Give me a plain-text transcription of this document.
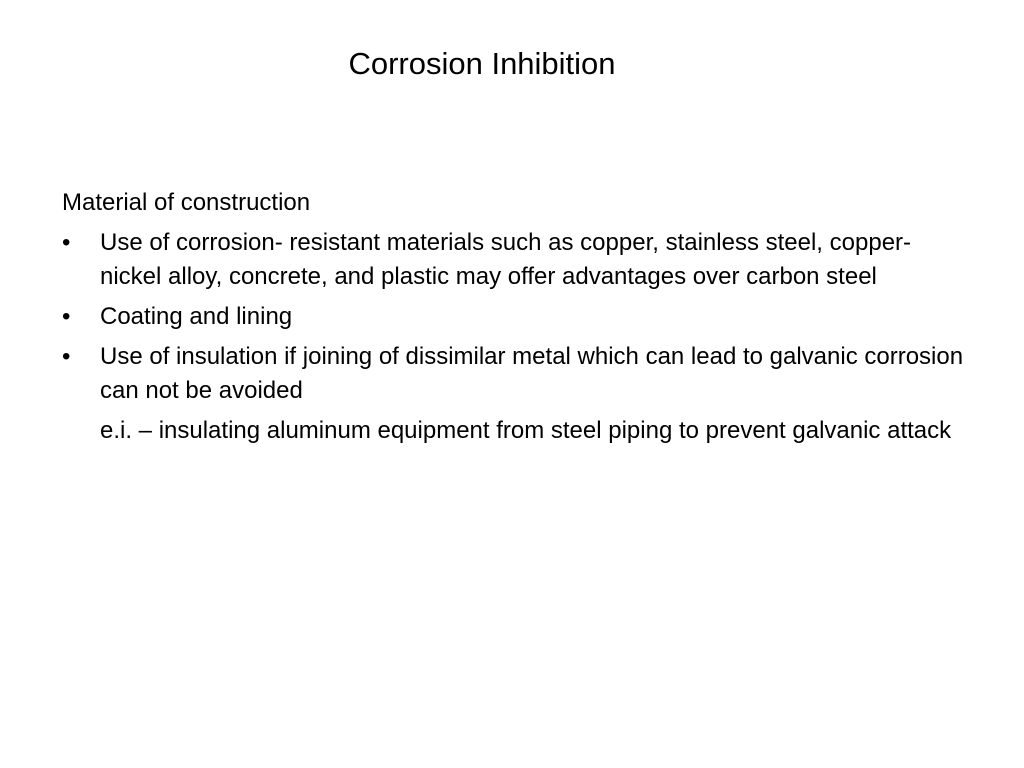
Corrosion Inhibition

Material of construction

•	Use of corrosion- resistant materials such as copper, stainless steel, copper-nickel alloy, concrete, and plastic may offer advantages over carbon steel
•	Coating and lining
•	Use of insulation if joining of dissimilar metal which can lead to galvanic corrosion can not be avoided

e.i. – insulating aluminum equipment from steel piping to prevent galvanic attack
